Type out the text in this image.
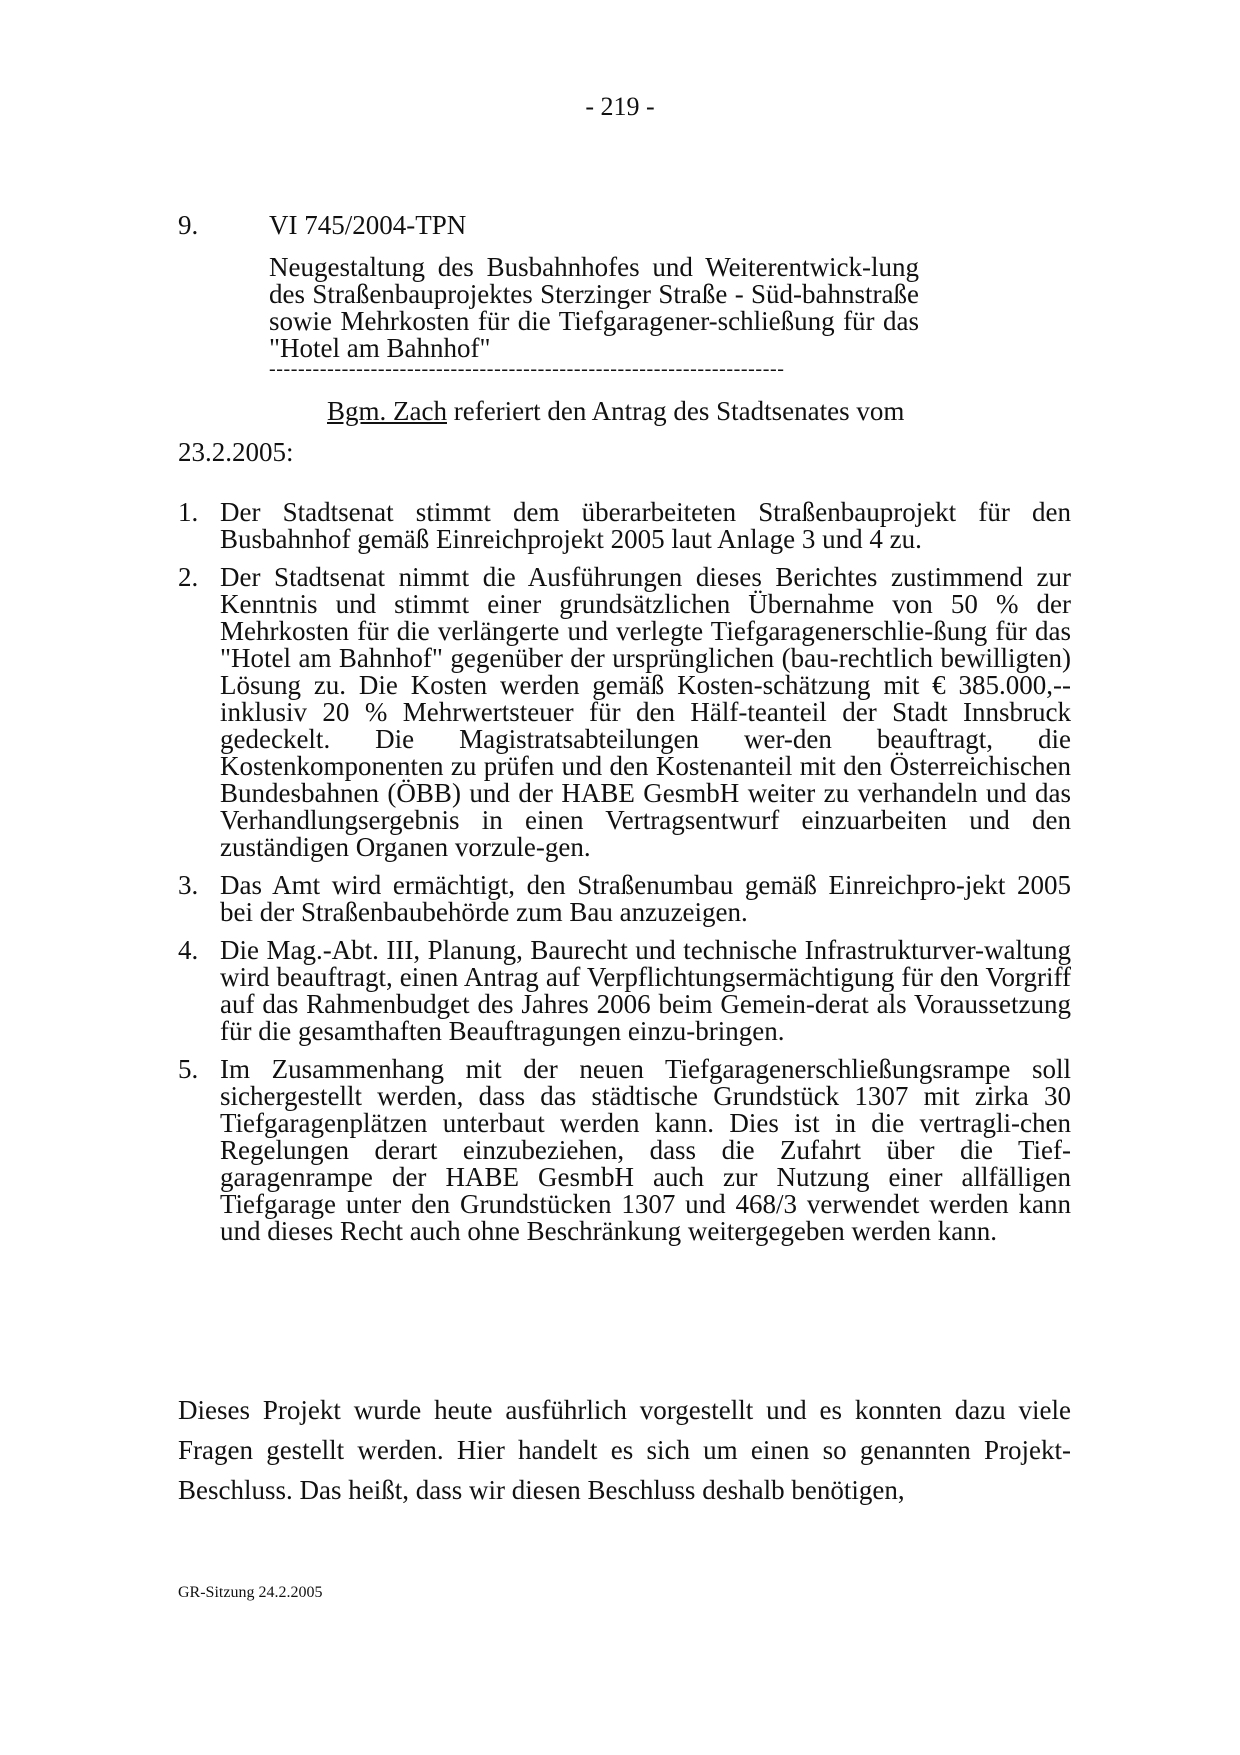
- 219 -
9.	VI 745/2004-TPN
Neugestaltung des Busbahnhofes und Weiterentwick-lung des Straßenbauprojektes Sterzinger Straße - Süd-bahnstraße sowie Mehrkosten für die Tiefgaragener-schließung für das "Hotel am Bahnhof"
-----------------------------------------------------------------------
Bgm. Zach referiert den Antrag des Stadtsenates vom
23.2.2005:
1. Der Stadtsenat stimmt dem überarbeiteten Straßenbauprojekt für den Busbahnhof gemäß Einreichprojekt 2005 laut Anlage 3 und 4 zu.
2. Der Stadtsenat nimmt die Ausführungen dieses Berichtes zustimmend zur Kenntnis und stimmt einer grundsätzlichen Übernahme von 50 % der Mehrkosten für die verlängerte und verlegte Tiefgaragenerschlie-ßung für das "Hotel am Bahnhof" gegenüber der ursprünglichen (bau-rechtlich bewilligten) Lösung zu. Die Kosten werden gemäß Kosten-schätzung mit € 385.000,-- inklusiv 20 % Mehrwertsteuer für den Hälf-teanteil der Stadt Innsbruck gedeckelt. Die Magistratsabteilungen wer-den beauftragt, die Kostenkomponenten zu prüfen und den Kostenanteil mit den Österreichischen Bundesbahnen (ÖBB) und der HABE GesmbH weiter zu verhandeln und das Verhandlungsergebnis in einen Vertragsentwurf einzuarbeiten und den zuständigen Organen vorzule-gen.
3. Das Amt wird ermächtigt, den Straßenumbau gemäß Einreichpro-jekt 2005 bei der Straßenbaubehörde zum Bau anzuzeigen.
4. Die Mag.-Abt. III, Planung, Baurecht und technische Infrastrukturver-waltung wird beauftragt, einen Antrag auf Verpflichtungsermächtigung für den Vorgriff auf das Rahmenbudget des Jahres 2006 beim Gemein-derat als Voraussetzung für die gesamthaften Beauftragungen einzu-bringen.
5. Im Zusammenhang mit der neuen Tiefgaragenerschließungsrampe soll sichergestellt werden, dass das städtische Grundstück 1307 mit zirka 30 Tiefgaragenplätzen unterbaut werden kann. Dies ist in die vertragli-chen Regelungen derart einzubeziehen, dass die Zufahrt über die Tief-garagenrampe der HABE GesmbH auch zur Nutzung einer allfälligen Tiefgarage unter den Grundstücken 1307 und 468/3 verwendet werden kann und dieses Recht auch ohne Beschränkung weitergegeben werden kann.
Dieses Projekt wurde heute ausführlich vorgestellt und es konnten dazu viele Fragen gestellt werden. Hier handelt es sich um einen so genannten Projekt-Beschluss. Das heißt, dass wir diesen Beschluss deshalb benötigen,
GR-Sitzung 24.2.2005
